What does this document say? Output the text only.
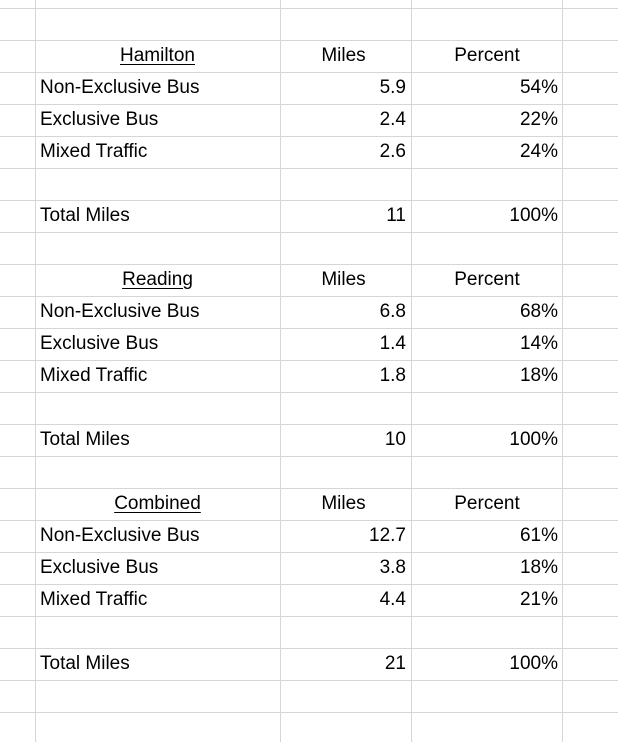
Hamilton	Miles	Percent
Non-Exclusive Bus	5.9	54%
Exclusive Bus	2.4	22%
Mixed Traffic	2.6	24%
Total Miles	11	100%
Reading	Miles	Percent
Non-Exclusive Bus	6.8	68%
Exclusive Bus	1.4	14%
Mixed Traffic	1.8	18%
Total Miles	10	100%
Combined	Miles	Percent
Non-Exclusive Bus	12.7	61%
Exclusive Bus	3.8	18%
Mixed Traffic	4.4	21%
Total Miles	21	100%
